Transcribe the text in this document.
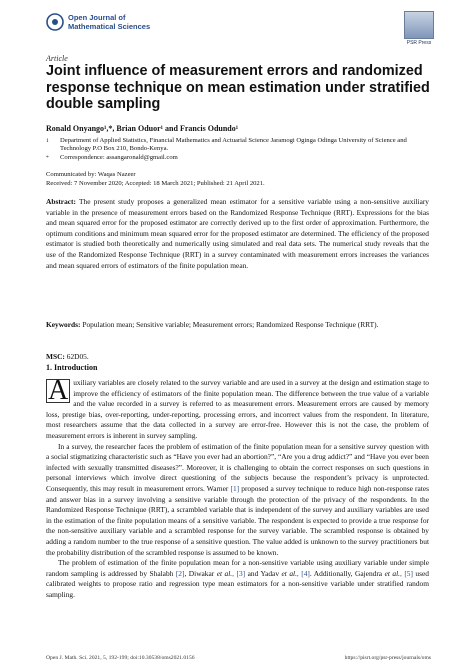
Open Journal of
Mathematical Sciences
PSR Press
Article
Joint influence of measurement errors and randomized response technique on mean estimation under stratified double sampling
Ronald Onyango¹,*, Brian Oduor¹ and Francis Odundo¹
1	Department of Applied Statistics, Financial Mathematics and Actuarial Science Jaramogi Oginga Odinga University of Science and Technology P.O Box 210, Bondo-Kenya.
*	Correspondence: assangaronald@gmail.com
Communicated by: Waqas Nazeer
Received: 7 November 2020; Accepted: 18 March 2021; Published: 21 April 2021.
Abstract: The present study proposes a generalized mean estimator for a sensitive variable using a non-sensitive auxiliary variable in the presence of measurement errors based on the Randomized Response Technique (RRT). Expressions for the bias and mean squared error for the proposed estimator are correctly derived up to the first order of approximation. Furthermore, the optimum conditions and minimum mean squared error for the proposed estimator are determined. The efficiency of the proposed estimator is studied both theoretically and numerically using simulated and real data sets. The numerical study reveals that the use of the Randomized Response Technique (RRT) in a survey contaminated with measurement errors increases the variances and mean squared errors of estimators of the finite population mean.
Keywords: Population mean; Sensitive variable; Measurement errors; Randomized Response Technique (RRT).
MSC: 62D05.
1. Introduction

A uxiliary variables are closely related to the survey variable and are used in a survey at the design and estimation stage to improve the efficiency of estimators of the finite population mean. The difference between the true value of a variable and the value recorded in a survey is referred to as measurement errors. Measurement errors are caused by memory loss, prestige bias, over-reporting, under-reporting, processing errors, and incorrect values from the respondent. In literature, most researchers assume that the data collected in a survey are error-free. However this is not the case, the problem of measurement errors is inherent in survey sampling.

In a survey, the researcher faces the problem of estimation of the finite population mean for a sensitive survey question with a social stigmatizing characteristic such as “Have you ever had an abortion?”, “Are you a drug addict?” and “Have you ever been infected with sexually transmitted diseases?”. Moreover, it is challenging to obtain the correct responses on such questions in personal interviews which involve direct questioning of the subjects because the respondent’s privacy is unprotected. Consequently, this may result in measurement errors. Warner [1] proposed a survey technique to reduce high non-response rates and answer bias in a survey involving a sensitive variable through the protection of the privacy of the respondents. In the Randomized Response Technique (RRT), a scrambled variable that is independent of the survey and auxiliary variables are used in the estimation of the finite population means of a sensitive variable. The respondent is expected to provide a true response for the non-sensitive auxiliary variable and a scrambled response for the survey variable. The scrambled response is obtained by adding a random number to the true response of a sensitive question. The value added is unknown to the survey practitioners but the probability distribution of the scrambled response is assumed to be known.

The problem of estimation of the finite population mean for a non-sensitive variable using auxiliary variable under simple random sampling is addressed by Shalabh [2], Diwakar et al., [3] and Yadav et al., [4]. Additionally, Gajendra et al., [5] used calibrated weights to propose ratio and regression type mean estimators for a non-sensitive variable under stratified random sampling.

Open J. Math. Sci. 2021, 5, 192-199; doi:10.30538/oms2021.0156	https://pisrt.org/psr-press/journals/oms
